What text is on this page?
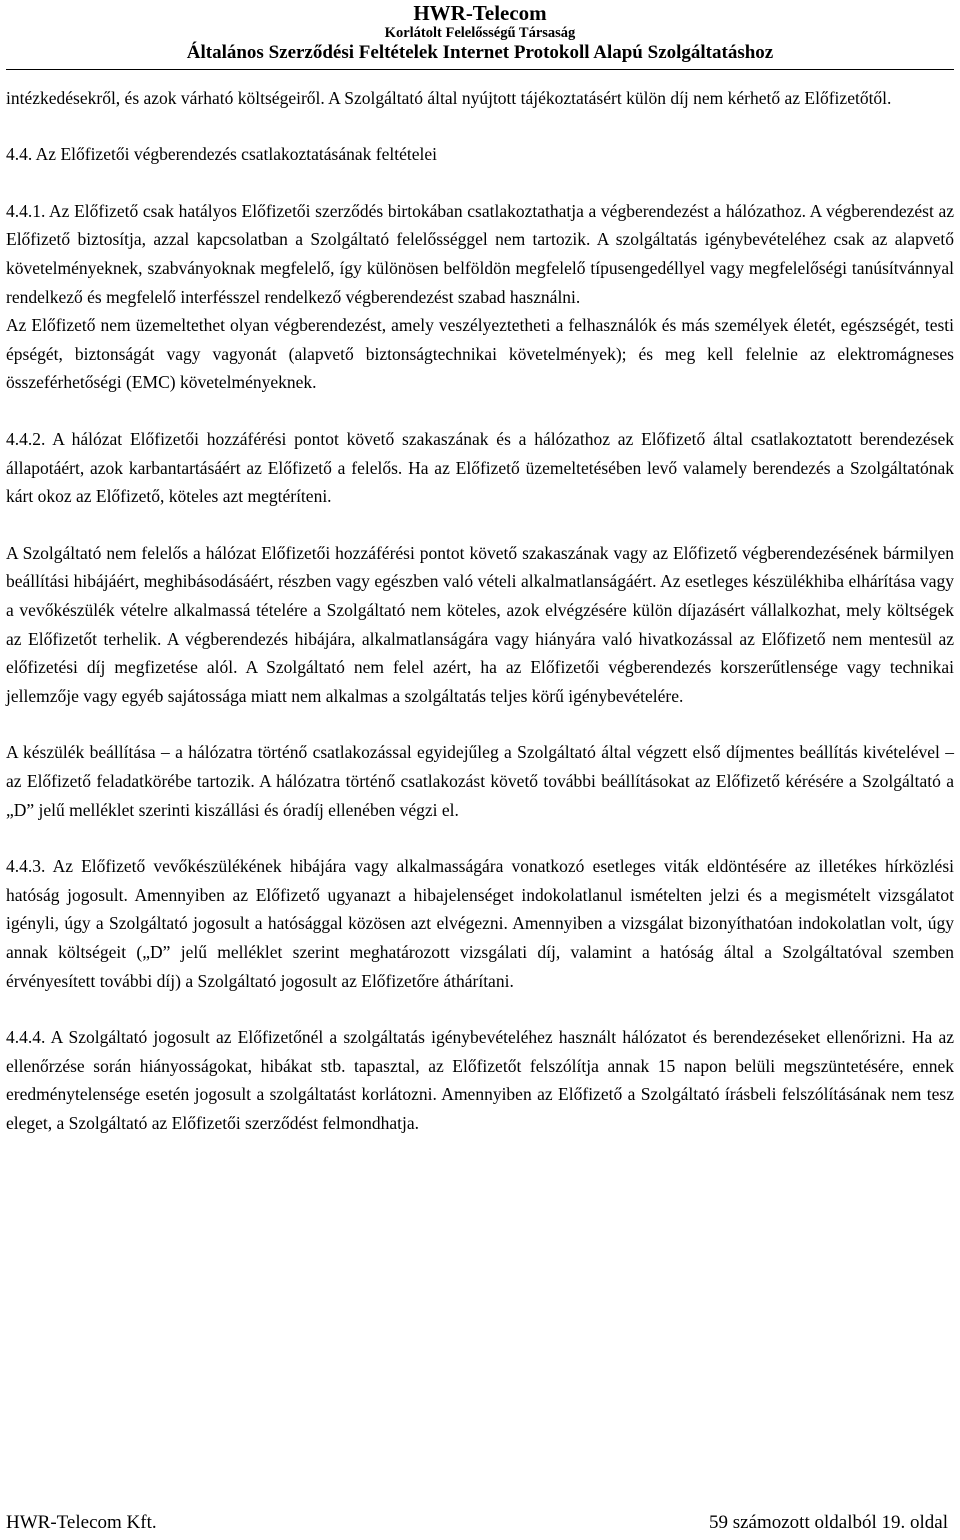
HWR-Telecom
Korlátolt Felelősségű Társaság
Általános Szerződési Feltételek Internet Protokoll Alapú Szolgáltatáshoz

intézkedésekről, és azok várható költségeiről. A Szolgáltató által nyújtott tájékoztatásért külön díj nem kérhető az Előfizetőtől.

4.4. Az Előfizetői végberendezés csatlakoztatásának feltételei

4.4.1. Az Előfizető csak hatályos Előfizetői szerződés birtokában csatlakoztathatja a végberendezést a hálózathoz. A végberendezést az Előfizető biztosítja, azzal kapcsolatban a Szolgáltató felelősséggel nem tartozik. A szolgáltatás igénybevételéhez csak az alapvető követelményeknek, szabványoknak megfelelő, így különösen belföldön megfelelő típusengedéllyel vagy megfelelőségi tanúsítvánnyal rendelkező és megfelelő interfésszel rendelkező végberendezést szabad használni.

Az Előfizető nem üzemeltethet olyan végberendezést, amely veszélyeztetheti a felhasználók és más személyek életét, egészségét, testi épségét, biztonságát vagy vagyonát (alapvető biztonságtechnikai követelmények); és meg kell felelnie az elektromágneses összeférhetőségi (EMC) követelményeknek.

4.4.2. A hálózat Előfizetői hozzáférési pontot követő szakaszának és a hálózathoz az Előfizető által csatlakoztatott berendezések állapotáért, azok karbantartásáért az Előfizető a felelős. Ha az Előfizető üzemeltetésében levő valamely berendezés a Szolgáltatónak kárt okoz az Előfizető, köteles azt megtéríteni.

A Szolgáltató nem felelős a hálózat Előfizetői hozzáférési pontot követő szakaszának vagy az Előfizető végberendezésének bármilyen beállítási hibájáért, meghibásodásáért, részben vagy egészben való vételi alkalmatlanságáért. Az esetleges készülékhiba elhárítása vagy a vevőkészülék vételre alkalmassá tételére a Szolgáltató nem köteles, azok elvégzésére külön díjazásért vállalkozhat, mely költségek az Előfizetőt terhelik. A végberendezés hibájára, alkalmatlanságára vagy hiányára való hivatkozással az Előfizető nem mentesül az előfizetési díj megfizetése alól. A Szolgáltató nem felel azért, ha az Előfizetői végberendezés korszerűtlensége vagy technikai jellemzője vagy egyéb sajátossága miatt nem alkalmas a szolgáltatás teljes körű igénybevételére.

A készülék beállítása – a hálózatra történő csatlakozással egyidejűleg a Szolgáltató által végzett első díjmentes beállítás kivételével – az Előfizető feladatkörébe tartozik. A hálózatra történő csatlakozást követő további beállításokat az Előfizető kérésére a Szolgáltató a „D” jelű melléklet szerinti kiszállási és óradíj ellenében végzi el.

4.4.3. Az Előfizető vevőkészülékének hibájára vagy alkalmasságára vonatkozó esetleges viták eldöntésére az illetékes hírközlési hatóság jogosult. Amennyiben az Előfizető ugyanazt a hibajelenséget indokolatlanul ismételten jelzi és a megismételt vizsgálatot igényli, úgy a Szolgáltató jogosult a hatósággal közösen azt elvégezni. Amennyiben a vizsgálat bizonyíthatóan indokolatlan volt, úgy annak költségeit („D” jelű melléklet szerint meghatározott vizsgálati díj, valamint a hatóság által a Szolgáltatóval szemben érvényesített további díj) a Szolgáltató jogosult az Előfizetőre áthárítani.

4.4.4. A Szolgáltató jogosult az Előfizetőnél a szolgáltatás igénybevételéhez használt hálózatot és berendezéseket ellenőrizni. Ha az ellenőrzése során hiányosságokat, hibákat stb. tapasztal, az Előfizetőt felszólítja annak 15 napon belüli megszüntetésére, ennek eredménytelensége esetén jogosult a szolgáltatást korlátozni. Amennyiben az Előfizető a Szolgáltató írásbeli felszólításának nem tesz eleget, a Szolgáltató az Előfizetői szerződést felmondhatja.

HWR-Telecom Kft.	59 számozott oldalból 19. oldal
